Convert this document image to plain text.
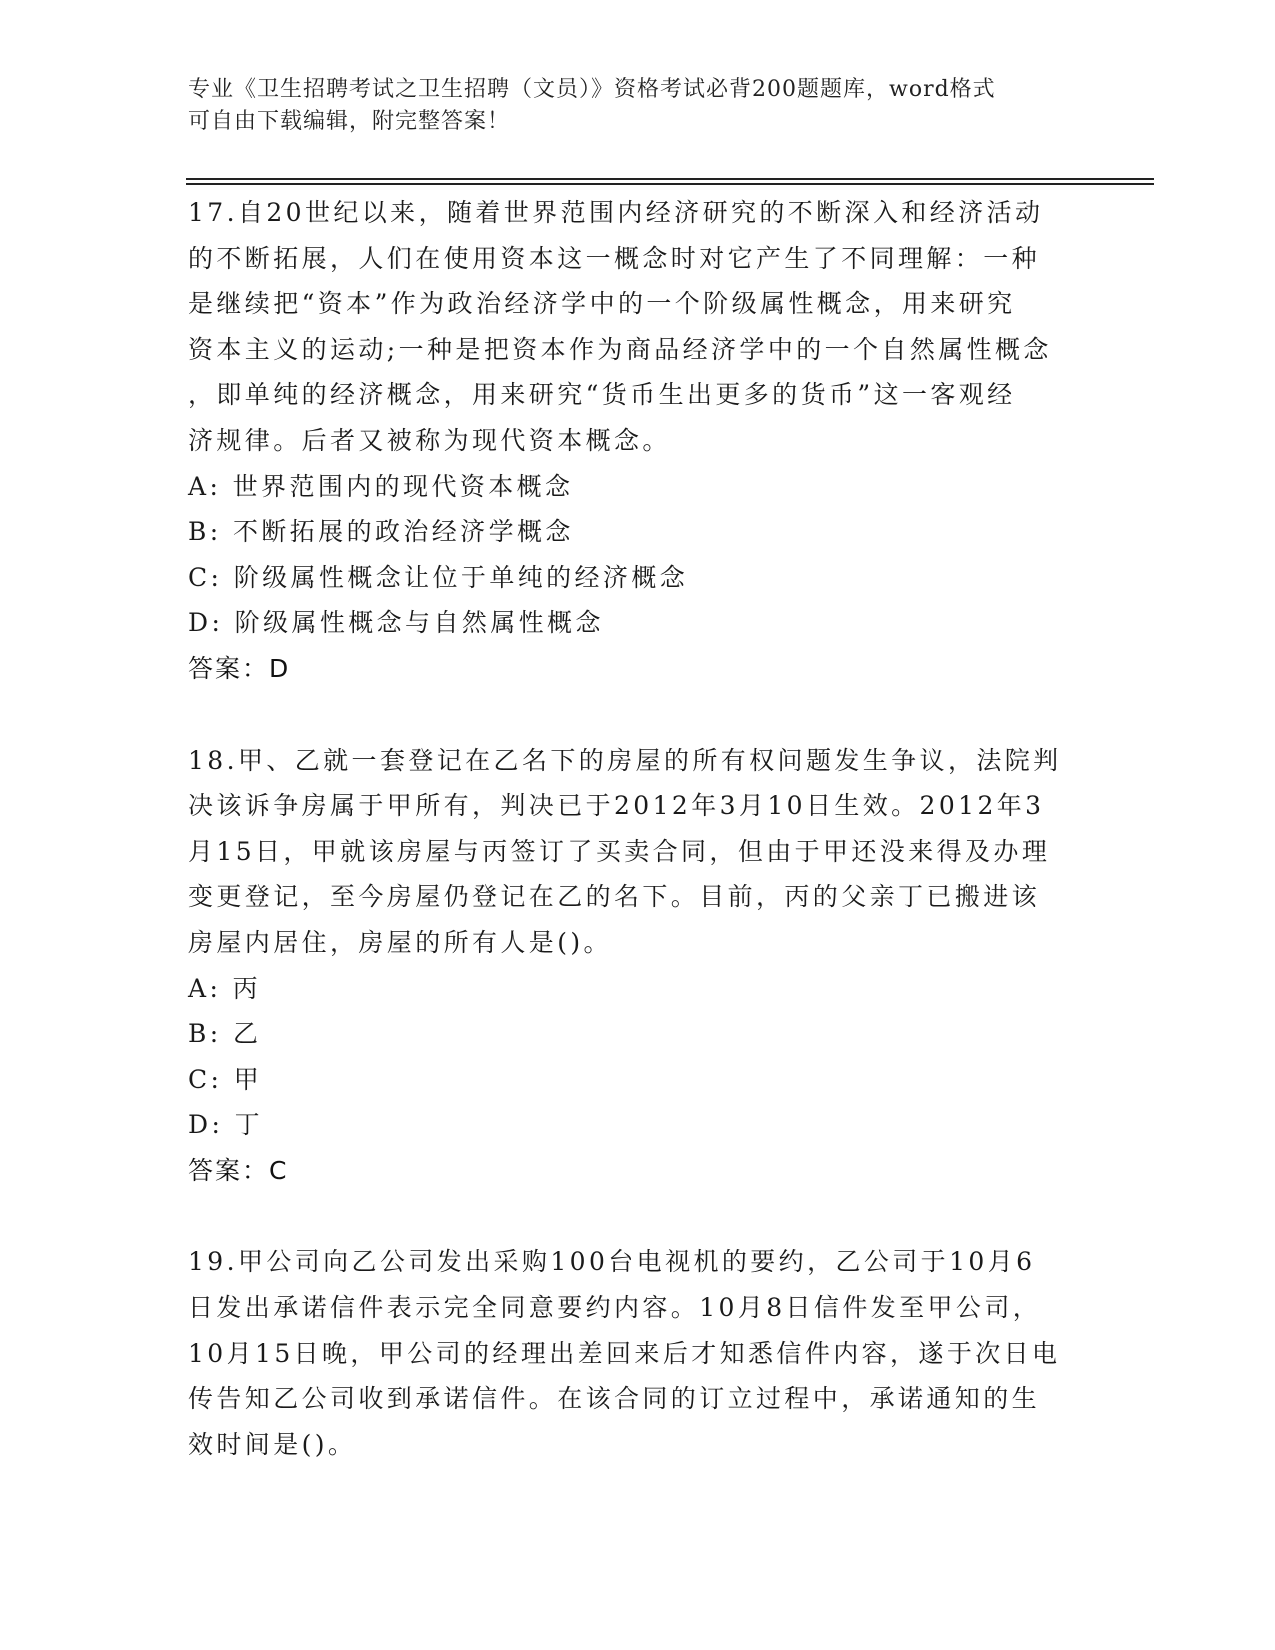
专业《卫生招聘考试之卫生招聘（文员）》资格考试必背200题题库，word格式
可自由下载编辑，附完整答案！
17.自20世纪以来，随着世界范围内经济研究的不断深入和经济活动
的不断拓展，人们在使用资本这一概念时对它产生了不同理解：一种
是继续把“资本”作为政治经济学中的一个阶级属性概念，用来研究
资本主义的运动;一种是把资本作为商品经济学中的一个自然属性概念
，即单纯的经济概念，用来研究“货币生出更多的货币”这一客观经
济规律。后者又被称为现代资本概念。
A: 世界范围内的现代资本概念
B: 不断拓展的政治经济学概念
C: 阶级属性概念让位于单纯的经济概念
D: 阶级属性概念与自然属性概念
答案：D
18.甲、乙就一套登记在乙名下的房屋的所有权问题发生争议，法院判
决该诉争房属于甲所有，判决已于2012年3月10日生效。2012年3
月15日，甲就该房屋与丙签订了买卖合同，但由于甲还没来得及办理
变更登记，至今房屋仍登记在乙的名下。目前，丙的父亲丁已搬进该
房屋内居住，房屋的所有人是()。
A: 丙
B: 乙
C: 甲
D: 丁
答案：C
19.甲公司向乙公司发出采购100台电视机的要约，乙公司于10月6
日发出承诺信件表示完全同意要约内容。10月8日信件发至甲公司，
10月15日晚，甲公司的经理出差回来后才知悉信件内容，遂于次日电
传告知乙公司收到承诺信件。在该合同的订立过程中，承诺通知的生
效时间是()。
